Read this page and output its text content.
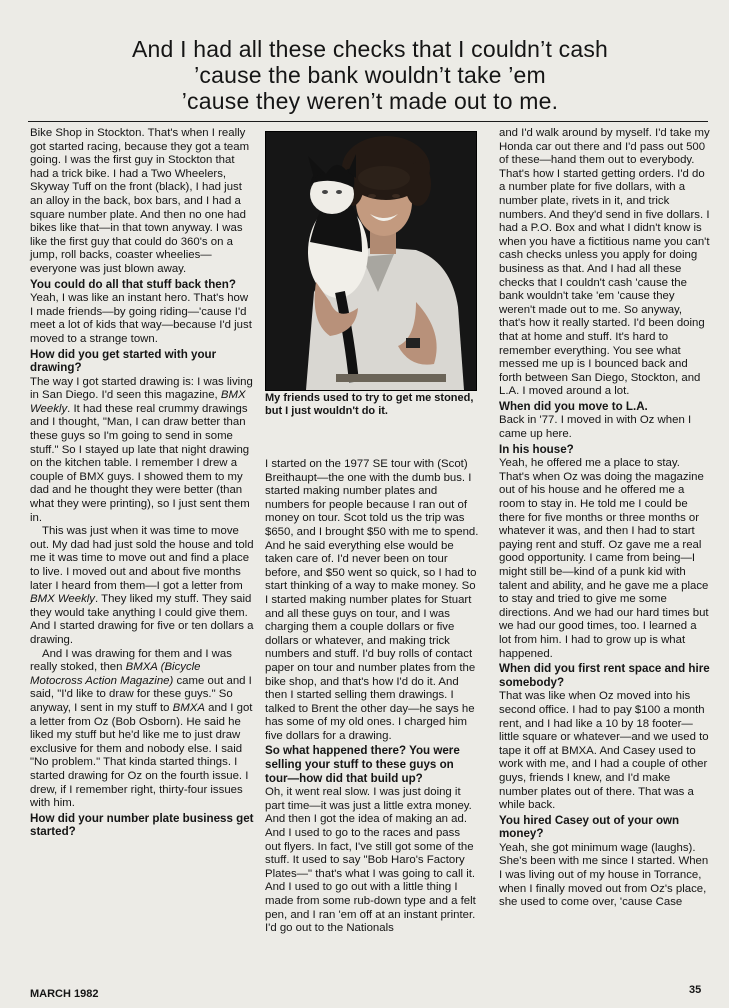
And I had all these checks that I couldn’t cash
’cause the bank wouldn’t take ’em
’cause they weren’t made out to me.

Bike Shop in Stockton. That's when I really got started racing, because they got a team going. I was the first guy in Stockton that had a trick bike. I had a Two Wheelers, Skyway Tuff on the front (black), I had just an alloy in the back, box bars, and I had a square number plate. And then no one had bikes like that—in that town anyway. I was like the first guy that could do 360's on a jump, roll backs, coaster wheelies—everyone was just blown away.

You could do all that stuff back then?

Yeah, I was like an instant hero. That's how I made friends—by going riding—'cause I'd meet a lot of kids that way—because I'd just moved to a strange town.

How did you get started with your drawing?

The way I got started drawing is: I was living in San Diego. I'd seen this magazine, BMX Weekly. It had these real crummy drawings and I thought, "Man, I can draw better than these guys so I'm going to send in some stuff." So I stayed up late that night drawing on the kitchen table. I remember I drew a couple of BMX guys. I showed them to my dad and he thought they were better (than what they were printing), so I just sent them in.

This was just when it was time to move out. My dad had just sold the house and told me it was time to move out and find a place to live. I moved out and about five months later I heard from them—I got a letter from BMX Weekly. They liked my stuff. They said they would take anything I could give them. And I started drawing for five or ten dollars a drawing.

And I was drawing for them and I was really stoked, then BMXA (Bicycle Motocross Action Magazine) came out and I said, "I'd like to draw for these guys." So anyway, I sent in my stuff to BMXA and I got a letter from Oz (Bob Osborn). He said he liked my stuff but he'd like me to just draw exclusive for them and nobody else. I said "No problem." That kinda started things. I started drawing for Oz on the fourth issue. I drew, if I remember right, thirty-four issues with him.

How did your number plate business get started?
My friends used to try to get me stoned, but I just wouldn't do it.

I started on the 1977 SE tour with (Scot) Breithaupt—the one with the dumb bus. I started making number plates and numbers for people because I ran out of money on tour. Scot told us the trip was $650, and I brought $50 with me to spend. And he said everything else would be taken care of. I'd never been on tour before, and $50 went so quick, so I had to start thinking of a way to make money. So I started making number plates for Stuart and all these guys on tour, and I was charging them a couple dollars or five dollars or whatever, and making trick numbers and stuff. I'd buy rolls of contact paper on tour and number plates from the bike shop, and that's how I'd do it. And then I started selling them drawings. I talked to Brent the other day—he says he has some of my old ones. I charged him five dollars for a drawing.

So what happened there? You were selling your stuff to these guys on tour—how did that build up?

Oh, it went real slow. I was just doing it part time—it was just a little extra money. And then I got the idea of making an ad. And I used to go to the races and pass out flyers. In fact, I've still got some of the stuff. It used to say "Bob Haro's Factory Plates—" that's what I was going to call it. And I used to go out with a little thing I made from some rub-down type and a felt pen, and I ran 'em off at an instant printer. I'd go out to the Nationals

and I'd walk around by myself. I'd take my Honda car out there and I'd pass out 500 of these—hand them out to everybody. That's how I started getting orders. I'd do a number plate for five dollars, with a number plate, rivets in it, and trick numbers. And they'd send in five dollars. I had a P.O. Box and what I didn't know is when you have a fictitious name you can't cash checks unless you apply for doing business as that. And I had all these checks that I couldn't cash 'cause the bank wouldn't take 'em 'cause they weren't made out to me. So anyway, that's how it really started. I'd been doing that at home and stuff. It's hard to remember everything. You see what messed me up is I bounced back and forth between San Diego, Stockton, and L.A. I moved around a lot.

When did you move to L.A.

Back in '77. I moved in with Oz when I came up here.

In his house?

Yeah, he offered me a place to stay. That's when Oz was doing the magazine out of his house and he offered me a room to stay in. He told me I could be there for five months or three months or whatever it was, and then I had to start paying rent and stuff. Oz gave me a real good opportunity. I came from being—I might still be—kind of a punk kid with talent and ability, and he gave me a place to stay and tried to give me some directions. And we had our hard times but we had our good times, too. I learned a lot from him. I had to grow up is what happened.

When did you first rent space and hire somebody?

That was like when Oz moved into his second office. I had to pay $100 a month rent, and I had like a 10 by 18 footer—little square or whatever—and we used to tape it off at BMXA. And Casey used to work with me, and I had a couple of other guys, friends I knew, and I'd make number plates out of there. That was a while back.

You hired Casey out of your own money?

Yeah, she got minimum wage (laughs). She's been with me since I started. When I was living out of my house in Torrance, when I finally moved out from Oz's place, she used to come over, 'cause Case

MARCH 1982	35
